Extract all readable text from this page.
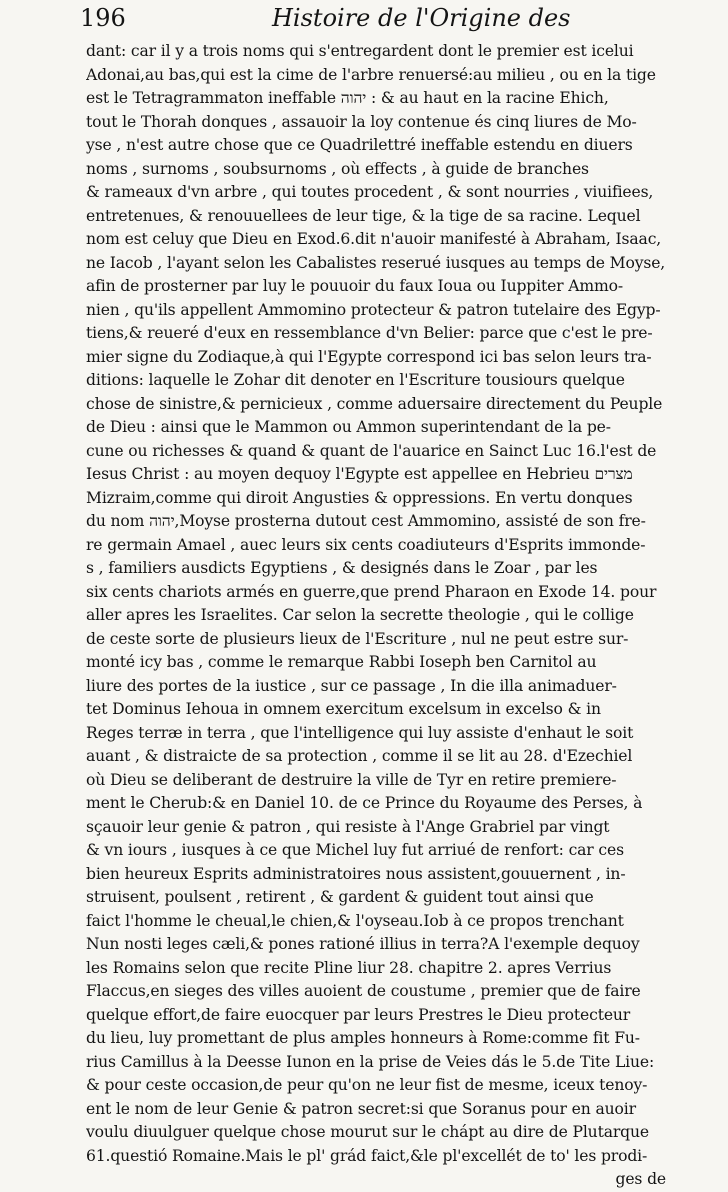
196	Histoire de l'Origine des
dant: car il y a trois noms qui s'entregardent dont le premier est icelui
Adonai,au bas,qui est la cime de l'arbre renuersé:au milieu , ou en la tige
est le Tetragrammaton ineffable יהוה : & au haut en la racine Ehich,
tout le Thorah donques , assauoir la loy contenue és cinq liures de Mo-
yse , n'est autre chose que ce Quadrilettré ineffable estendu en diuers
noms , surnoms , soubsurnoms , où effects , à guide de branches
& rameaux d'vn arbre , qui toutes procedent , & sont nourries , viuifiees,
entretenues, & renouuellees de leur tige, & la tige de sa racine. Lequel
nom est celuy que Dieu en Exod.6.dit n'auoir manifesté à Abraham, Isaac,
ne Iacob , l'ayant selon les Cabalistes reserué iusques au temps de Moyse,
afin de prosterner par luy le pouuoir du faux Ioua ou Iuppiter Ammo-
nien , qu'ils appellent Ammomino protecteur & patron tutelaire des Egyp-
tiens,& reueré d'eux en ressemblance d'vn Belier: parce que c'est le pre-
mier signe du Zodiaque,à qui l'Egypte correspond ici bas selon leurs tra-
ditions: laquelle le Zohar dit denoter en l'Escriture tousiours quelque
chose de sinistre,& pernicieux , comme aduersaire directement du Peuple
de Dieu : ainsi que le Mammon ou Ammon superintendant de la pe-
cune ou richesses & quand & quant de l'auarice en Sainct Luc 16.l'est de
Iesus Christ : au moyen dequoy l'Egypte est appellee en Hebrieu מצרים
Mizraim,comme qui diroit Angusties & oppressions. En vertu donques
du nom יהוה,Moyse prosterna dutout cest Ammomino, assisté de son fre-
re germain Amael , auec leurs six cents coadiuteurs d'Esprits immonde-
s , familiers ausdicts Egyptiens , & designés dans le Zoar , par les
six cents chariots armés en guerre,que prend Pharaon en Exode 14. pour
aller apres les Israelites. Car selon la secrette theologie , qui le collige
de ceste sorte de plusieurs lieux de l'Escriture , nul ne peut estre sur-
monté icy bas , comme le remarque Rabbi Ioseph ben Carnitol au
liure des portes de la iustice , sur ce passage , In die illa animaduer-
tet Dominus Iehoua in omnem exercitum excelsum in excelso & in
Reges terræ in terra , que l'intelligence qui luy assiste d'enhaut le soit
auant , & distraicte de sa protection , comme il se lit au 28. d'Ezechiel
où Dieu se deliberant de destruire la ville de Tyr en retire premiere-
ment le Cherub:& en Daniel 10. de ce Prince du Royaume des Perses, à
sçauoir leur genie & patron , qui resiste à l'Ange Grabriel par vingt
& vn iours , iusques à ce que Michel luy fut arriué de renfort: car ces
bien heureux Esprits administratoires nous assistent,gouuernent , in-
struisent, poulsent , retirent , & gardent & guident tout ainsi que
faict l'homme le cheual,le chien,& l'oyseau.Iob à ce propos trenchant
Nun nosti leges cæli,& pones rationé illius in terra?A l'exemple dequoy
les Romains selon que recite Pline liur 28. chapitre 2. apres Verrius
Flaccus,en sieges des villes auoient de coustume , premier que de faire
quelque effort,de faire euocquer par leurs Prestres le Dieu protecteur
du lieu, luy promettant de plus amples honneurs à Rome:comme fit Fu-
rius Camillus à la Deesse Iunon en la prise de Veies dás le 5.de Tite Liue:
& pour ceste occasion,de peur qu'on ne leur fist de mesme, iceux tenoy-
ent le nom de leur Genie & patron secret:si que Soranus pour en auoir
voulu diuulguer quelque chose mourut sur le chápt au dire de Plutarque
61.questió Romaine.Mais le pl' grád faict,&le pl'excellét de to' les prodi-
ges de
